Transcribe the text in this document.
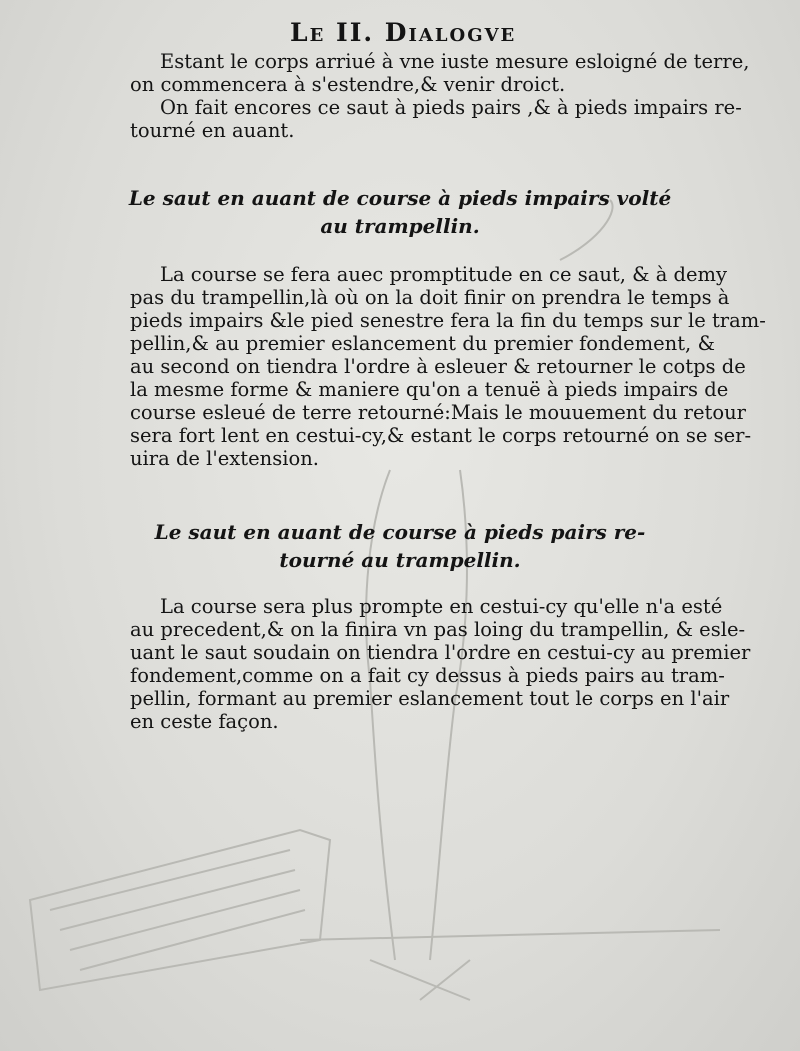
Le II. Dialogve
Estant le corps arriué à vne iuste mesure esloigné de terre,
on commencera à s'estendre,& venir droict.
On fait encores ce saut à pieds pairs ,& à pieds impairs re-
tourné en auant.
Le saut en auant de course à pieds impairs volté
au trampellin.
La course se fera auec promptitude en ce saut, & à demy
pas du trampellin,là où on la doit finir on prendra le temps à
pieds impairs &le pied senestre fera la fin du temps sur le tram-
pellin,& au premier eslancement du premier fondement, &
au second on tiendra l'ordre à esleuer & retourner le cotps de
la mesme forme & maniere qu'on a tenuë à pieds impairs de
course esleué de terre retourné:Mais le mouuement du retour
sera fort lent en cestui-cy,& estant le corps retourné on se ser-
uira de l'extension.
Le saut en auant de course à pieds pairs re-
tourné au trampellin.
La course sera plus prompte en cestui-cy qu'elle n'a esté
au precedent,& on la finira vn pas loing du trampellin, & esle-
uant le saut soudain on tiendra l'ordre en cestui-cy au premier
fondement,comme on a fait cy dessus à pieds pairs au tram-
pellin, formant au premier eslancement tout le corps en l'air
en ceste façon.
